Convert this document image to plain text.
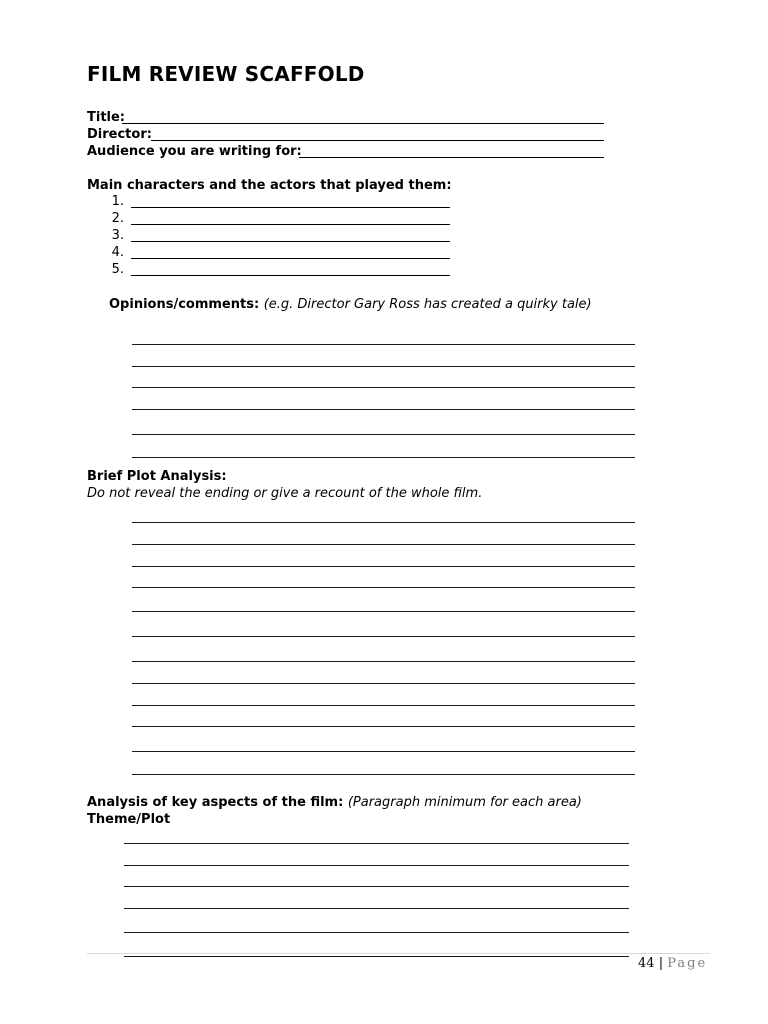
FILM REVIEW SCAFFOLD
Title:
Director:
Audience you are writing for:
Main characters and the actors that played them:
1.
2.
3.
4.
5.
Opinions/comments: (e.g. Director Gary Ross has created a quirky tale)
Brief Plot Analysis:
Do not reveal the ending or give a recount of the whole film.
Analysis of key aspects of the film: (Paragraph minimum for each area)
Theme/Plot
44 | Page
